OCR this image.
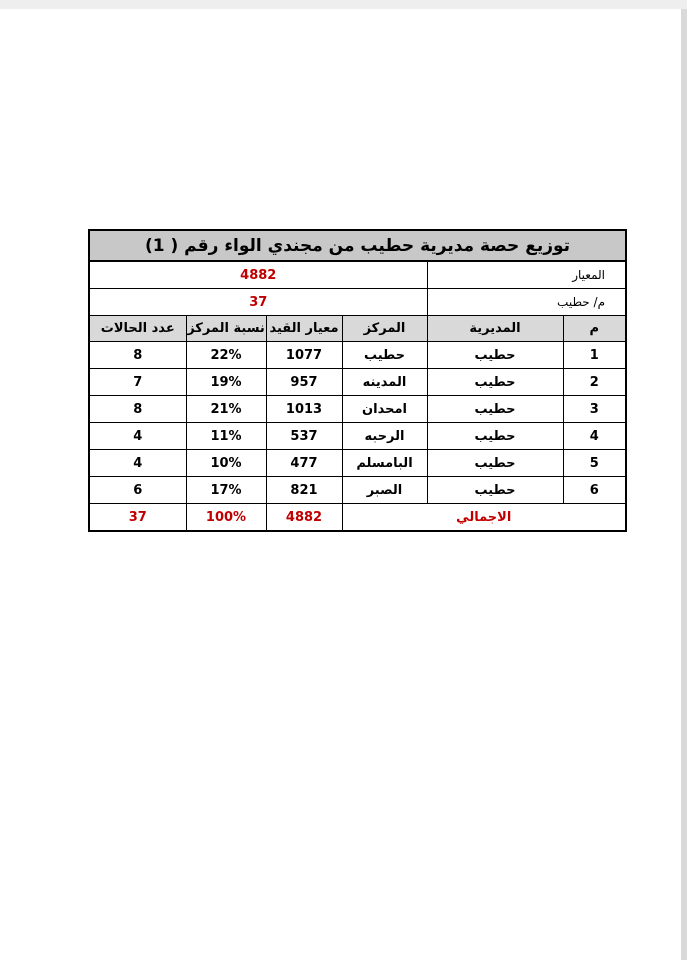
توزيع حصة مديرية حطيب من مجندي الواء رقم ( 1)					
4882				المعيار	
37				م/ حطيب	
عدد الحالات	نسبة المركز	معيار القيد	المركز	المديرية	م
8	22%	1077	حطيب	حطيب	1
7	19%	957	المدينه	حطيب	2
8	21%	1013	امحدان	حطيب	3
4	11%	537	الرحبه	حطيب	4
4	10%	477	البامسلم	حطيب	5
6	17%	821	الصبر	حطيب	6
37	100%	4882	الاجمالي		
